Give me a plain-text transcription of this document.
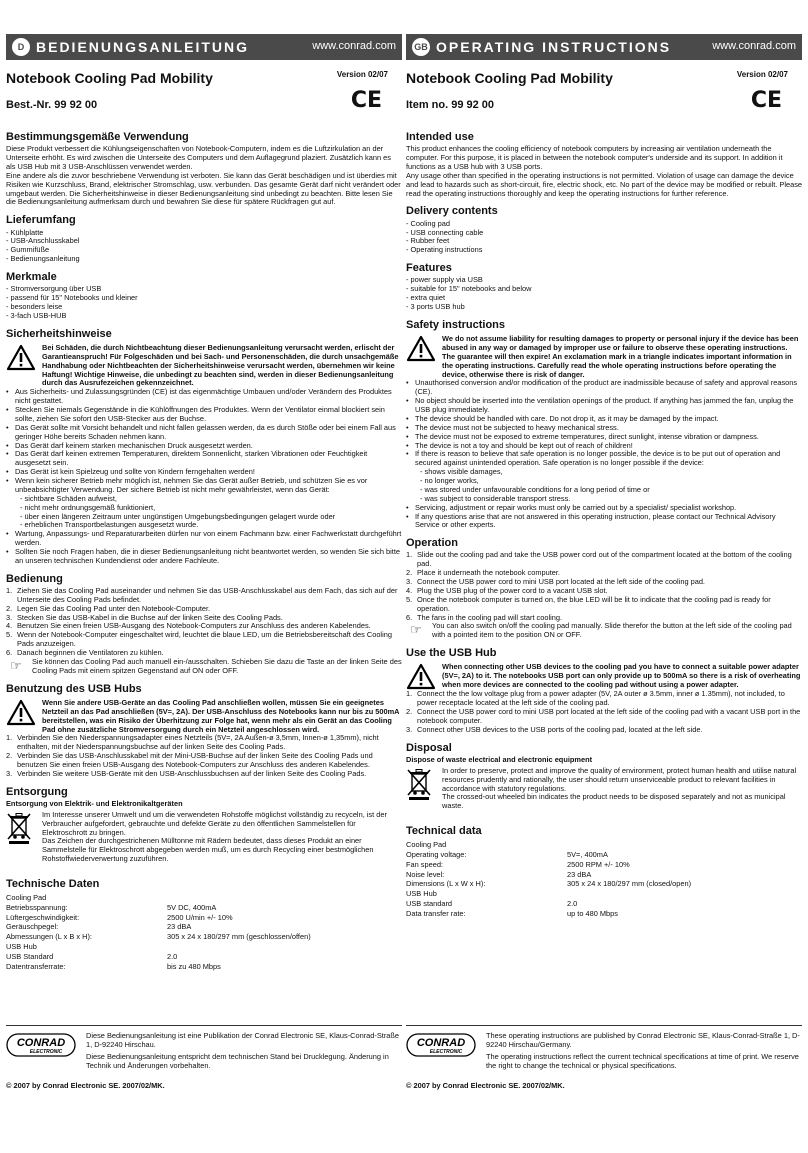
D BEDIENUNGSANLEITUNG	www.conrad.com
Notebook Cooling Pad Mobility	Version 02/07
CE
Best.-Nr. 99 92 00
Bestimmungsgemäße Verwendung

Diese Produkt verbessert die Kühlungseigenschaften von Notebook-Computern, indem es die Luftzirkulation an der Unterseite erhöht. Es wird zwischen die Unterseite des Computers und dem Auflagegrund plaziert. Zusätzlich kann es als USB Hub mit 3 USB-Anschlüssen verwendet werden.

Eine andere als die zuvor beschriebene Verwendung ist verboten. Sie kann das Gerät beschädigen und ist überdies mit Risiken wie Kurzschluss, Brand, elektrischer Stromschlag, usw. verbunden. Das gesamte Gerät darf nicht verändert oder umgebaut werden. Die Sicherheitshinweise in dieser Bedienungsanleitung sind unbedingt zu beachten. Bitte lesen Sie die Bedienungsanleitung aufmerksam durch und bewahren Sie diese für spätere Rückfragen gut auf.

Lieferumfang
- Kühlplatte
- USB-Anschlusskabel
- Gummifüße
- Bedienungsanleitung
Merkmale
- Stromversorgung über USB
- passend für 15" Notebooks und kleiner
- besonders leise
- 3-fach USB-HUB
Sicherheitshinweise
Bei Schäden, die durch Nichtbeachtung dieser Bedienungsanleitung verursacht werden, erlischt der Garantieanspruch! Für Folgeschäden und bei Sach- und Personenschäden, die durch unsachgemäße Handhabung oder Nichtbeachten der Sicherheitshinweise verursacht werden, übernehmen wir keine Haftung! Wichtige Hinweise, die unbedingt zu beachten sind, werden in dieser Bedienungsanleitung durch das Ausrufezeichen gekennzeichnet.
• Aus Sicherheits- und Zulassungsgründen (CE) ist das eigenmächtige Umbauen und/oder Verändern des Produktes nicht gestattet.
• Stecken Sie niemals Gegenstände in die Kühlöffnungen des Produktes. Wenn der Ventilator einmal blockiert sein sollte, ziehen Sie sofort den USB-Stecker aus der Buchse.
• Das Gerät sollte mit Vorsicht behandelt und nicht fallen gelassen werden, da es durch Stöße oder bei einem Fall aus geringer Höhe bereits Schaden nehmen kann.
• Das Gerät darf keinem starken mechanischen Druck ausgesetzt werden.
• Das Gerät darf keinen extremen Temperaturen, direktem Sonnenlicht, starken Vibrationen oder Feuchtigkeit ausgesetzt sein.
• Das Gerät ist kein Spielzeug und sollte von Kindern ferngehalten werden!
• Wenn kein sicherer Betrieb mehr möglich ist, nehmen Sie das Gerät außer Betrieb, und schützen Sie es vor unbeabsichtigter Verwendung. Der sichere Betrieb ist nicht mehr gewährleistet, wenn das Gerät:
- sichtbare Schäden aufweist,
- nicht mehr ordnungsgemäß funktioniert,
- über einen längeren Zeitraum unter ungünstigen Umgebungsbedingungen gelagert wurde oder
- erheblichen Transportbelastungen ausgesetzt wurde.
• Wartung, Anpassungs- und Reparaturarbeiten dürfen nur von einem Fachmann bzw. einer Fachwerkstatt durchgeführt werden.
• Sollten Sie noch Fragen haben, die in dieser Bedienungsanleitung nicht beantwortet werden, so wenden Sie sich bitte an unseren technischen Kundendienst oder andere Fachleute.
Bedienung
1. Ziehen Sie das Cooling Pad auseinander und nehmen Sie das USB-Anschlusskabel aus dem Fach, das sich auf der Unterseite des Cooling Pads befindet.
2. Legen Sie das Cooling Pad unter den Notebook-Computer.
3. Stecken Sie das USB-Kabel in die Buchse auf der linken Seite des Cooling Pads.
4. Benutzen Sie einen freien USB-Ausgang des Notebook-Computers zur Anschluss des anderen Kabelendes.
5. Wenn der Notebook-Computer eingeschaltet wird, leuchtet die blaue LED, um die Betriebsbereitschaft des Cooling Pads anzuzeigen.
6. Danach beginnen die Ventilatoren zu kühlen.
☞	Sie können das Cooling Pad auch manuell ein-/ausschalten. Schieben Sie dazu die Taste an der linken Seite des Cooling Pads mit einem spitzen Gegenstand auf ON oder OFF.
Benutzung des USB Hubs
Wenn Sie andere USB-Geräte an das Cooling Pad anschließen wollen, müssen Sie ein geeignetes Netzteil an das Pad anschließen (5V=, 2A). Der USB-Anschluss des Notebooks kann nur bis zu 500mA bereitstellen, was ein Risiko der Überhitzung zur Folge hat, wenn mehr als ein Gerät an das Cooling Pad ohne zusätzliche Stromversorgung durch ein Netzteil angeschlossen wird.
1. Verbinden Sie den Niederspannungsadapter eines Netzteils (5V=, 2A Außen-ø 3,5mm, Innen-ø 1,35mm), nicht enthalten, mit der Niederspannungsbuchse auf der linken Seite des Cooling Pads.
2. Verbinden Sie das USB-Anschlusskabel mit der Mini-USB-Buchse auf der linken Seite des Cooling Pads und benutzen Sie einen freien USB-Ausgang des Notebook-Computers zur Anschluss des anderen Kabelendes.
3. Verbinden Sie weitere USB-Geräte mit den USB-Anschlussbuchsen auf der linken Seite des Cooling Pads.
Entsorgung
Entsorgung von Elektrik- und Elektronikaltgeräten

Im Interesse unserer Umwelt und um die verwendeten Rohstoffe möglichst vollständig zu recyceln, ist der Verbraucher aufgefordert, gebrauchte und defekte Geräte zu den öffentlichen Sammelstellen für Elektroschrott zu bringen.

Das Zeichen der durchgestrichenen Mülltonne mit Rädern bedeutet, dass dieses Produkt an einer Sammelstelle für Elektroschrott abgegeben werden muß, um es durch Recycling einer bestmöglichen Rohstoffwiederverwertung zuzuführen.

Technische Daten
Cooling Pad	
Betriebsspannung:	5V DC, 400mA
Lüftergeschwindigkeit:	2500 U/min +/- 10%
Geräuschpegel:	23 dBA
Abmessungen (L x B x H):	305 x 24 x 180/297 mm (geschlossen/offen)
USB Hub	
USB Standard	2.0
Datentransferrate:	bis zu 480 Mbps
CONRAD
ELECTRONIC

Diese Bedienungsanleitung ist eine Publikation der Conrad Electronic SE, Klaus-Conrad-Straße 1, D-92240 Hirschau.

Diese Bedienungsanleitung entspricht dem technischen Stand bei Drucklegung. Änderung in Technik und Änderungen vorbehalten.

© 2007 by Conrad Electronic SE. 2007/02/MK.
GB OPERATING INSTRUCTIONS	www.conrad.com
Notebook Cooling Pad Mobility	Version 02/07
CE
Item no. 99 92 00
Intended use

This product enhances the cooling efficiency of notebook computers by increasing air ventilation underneath the computer. For this purpose, it is placed in between the notebook computer's underside and its support. In addition it functions as a USB hub with 3 USB ports.

Any usage other than specified in the operating instructions is not permitted. Violation of usage can damage the device and lead to hazards such as short-circuit, fire, electric shock, etc. No part of the device may be modified or rebuilt. Please read the operating instructions thoroughly and keep the operating instructions for further reference.

Delivery contents
- Cooling pad
- USB connecting cable
- Rubber feet
- Operating instructions
Features
- power supply via USB
- suitable for 15" notebooks and below
- extra quiet
- 3 ports USB hub
Safety instructions
We do not assume liability for resulting damages to property or personal injury if the device has been abused in any way or damaged by improper use or failure to observe these operating instructions. The guarantee will then expire! An exclamation mark in a triangle indicates important information in the operating instructions. Carefully read the whole operating instructions before operating the device, otherwise there is risk of danger.
• Unauthorised conversion and/or modification of the product are inadmissible because of safety and approval reasons (CE).
• No object should be inserted into the ventilation openings of the product. If anything has jammed the fan, unplug the USB plug immediately.
• The device should be handled with care. Do not drop it, as it may be damaged by the impact.
• The device must not be subjected to heavy mechanical stress.
• The device must not be exposed to extreme temperatures, direct sunlight, intense vibration or dampness.
• The device is not a toy and should be kept out of reach of children!
• If there is reason to believe that safe operation is no longer possible, the device is to be put out of operation and secured against unintended operation. Safe operation is no longer possible if the device:
- shows visible damages,
- no longer works,
- was stored under unfavourable conditions for a long period of time or
- was subject to considerable transport stress.
• Servicing, adjustment or repair works must only be carried out by a specialist/ specialist workshop.
• If any questions arise that are not answered in this operating instruction, please contact our Technical Advisory Service or other experts.
Operation
1. Slide out the cooling pad and take the USB power cord out of the compartment located at the bottom of the cooling pad.
2. Place it underneath the notebook computer.
3. Connect the USB power cord to mini USB port located at the left side of the cooling pad.
4. Plug the USB plug of the power cord to a vacant USB slot.
5. Once the notebook computer is turned on, the blue LED will be lit to indicate that the cooling pad is ready for operation.
6. The fans in the cooling pad will start cooling.
☞	You can also switch on/off the cooling pad manually. Slide therefor the button at the left side of the cooling pad with a pointed item to the position ON or OFF.
Use the USB Hub
When connecting other USB devices to the cooling pad you have to connect a suitable power adapter (5V=, 2A) to it. The notebooks USB port can only provide up to 500mA so there is a risk of overheating when more devices are connected to the cooling pad without using a power adapter.
1. Connect the the low voltage plug from a power adapter (5V, 2A outer ø 3.5mm, inner ø 1.35mm), not included, to power receptacle located at the left side of the cooling pad.
2. Connect the USB power cord to mini USB port located at the left side of the cooling pad with a vacant USB port in the notebook computer.
3. Connect other USB devices to the USB ports of the cooling pad, located at the left side.
Disposal
Dispose of waste electrical and electronic equipment

In order to preserve, protect and improve the quality of environment, protect human health and utilise natural resources prudently and rationally, the user should return unserviceable product to relevant facilities in accordance with statutory regulations.

The crossed-out wheeled bin indicates the product needs to be disposed separately and not as municipal waste.

Technical data
Cooling Pad	
Operating voltage:	5V=, 400mA
Fan speed:	2500 RPM +/- 10%
Noise level:	23 dBA
Dimensions (L x W x H):	305 x 24 x 180/297 mm (closed/open)
USB Hub	
USB standard	2.0
Data transfer rate:	up to 480 Mbps
CONRAD
ELECTRONIC

These operating instructions are published by Conrad Electronic SE, Klaus-Conrad-Straße 1, D-92240 Hirschau/Germany.

The operating instructions reflect the current technical specifications at time of print. We reserve the right to change the technical or physical specifications.

© 2007 by Conrad Electronic SE. 2007/02/MK.
